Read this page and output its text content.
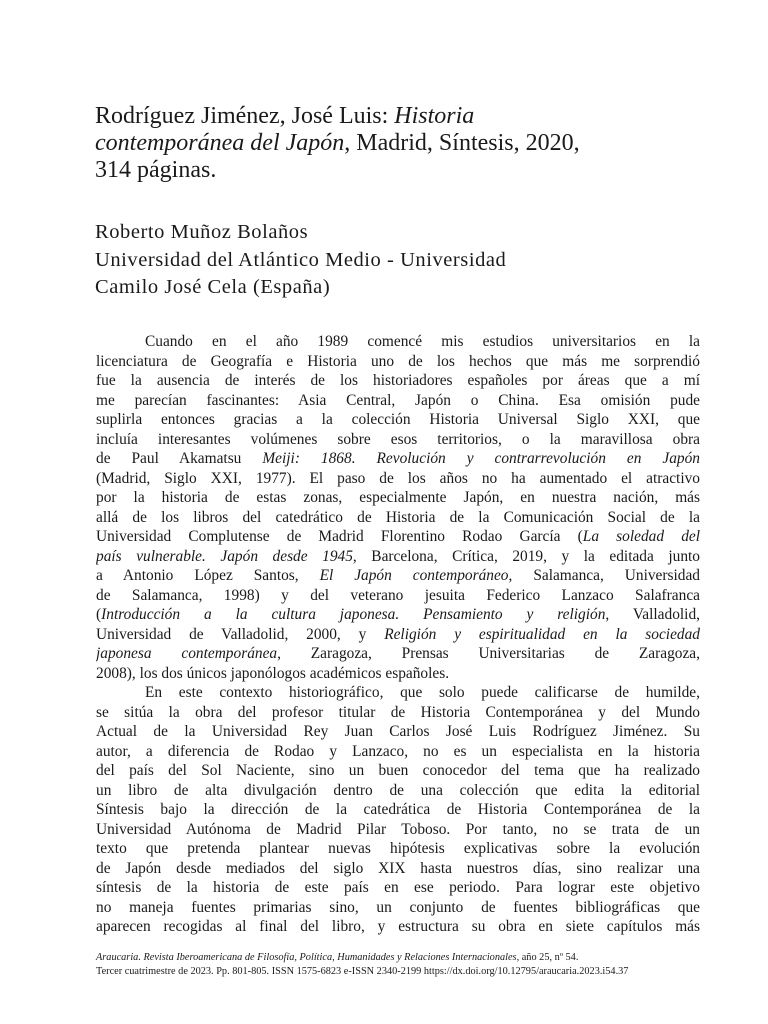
Rodríguez Jiménez, José Luis: Historia
contemporánea del Japón, Madrid, Síntesis, 2020,
314 páginas.
Roberto Muñoz Bolaños
Universidad del Atlántico Medio - Universidad
Camilo José Cela (España)
Cuando en el año 1989 comencé mis estudios universitarios en la
licenciatura de Geografía e Historia uno de los hechos que más me sorprendió
fue la ausencia de interés de los historiadores españoles por áreas que a mí
me parecían fascinantes: Asia Central, Japón o China. Esa omisión pude
suplirla entonces gracias a la colección Historia Universal Siglo XXI, que
incluía interesantes volúmenes sobre esos territorios, o la maravillosa obra
de Paul Akamatsu Meiji: 1868. Revolución y contrarrevolución en Japón
(Madrid, Siglo XXI, 1977). El paso de los años no ha aumentado el atractivo
por la historia de estas zonas, especialmente Japón, en nuestra nación, más
allá de los libros del catedrático de Historia de la Comunicación Social de la
Universidad Complutense de Madrid Florentino Rodao García (La soledad del
país vulnerable. Japón desde 1945, Barcelona, Crítica, 2019, y la editada junto
a Antonio López Santos, El Japón contemporáneo, Salamanca, Universidad
de Salamanca, 1998) y del veterano jesuita Federico Lanzaco Salafranca
(Introducción a la cultura japonesa. Pensamiento y religión, Valladolid,
Universidad de Valladolid, 2000, y Religión y espiritualidad en la sociedad
japonesa contemporánea, Zaragoza, Prensas Universitarias de Zaragoza,
2008), los dos únicos japonólogos académicos españoles.
En este contexto historiográfico, que solo puede calificarse de humilde,
se sitúa la obra del profesor titular de Historia Contemporánea y del Mundo
Actual de la Universidad Rey Juan Carlos José Luis Rodríguez Jiménez. Su
autor, a diferencia de Rodao y Lanzaco, no es un especialista en la historia
del país del Sol Naciente, sino un buen conocedor del tema que ha realizado
un libro de alta divulgación dentro de una colección que edita la editorial
Síntesis bajo la dirección de la catedrática de Historia Contemporánea de la
Universidad Autónoma de Madrid Pilar Toboso. Por tanto, no se trata de un
texto que pretenda plantear nuevas hipótesis explicativas sobre la evolución
de Japón desde mediados del siglo XIX hasta nuestros días, sino realizar una
síntesis de la historia de este país en ese periodo. Para lograr este objetivo
no maneja fuentes primarias sino, un conjunto de fuentes bibliográficas que
aparecen recogidas al final del libro, y estructura su obra en siete capítulos más
Araucaria. Revista Iberoamericana de Filosofía, Política, Humanidades y Relaciones Internacionales, año 25, nº 54.
Tercer cuatrimestre de 2023. Pp. 801-805. ISSN 1575-6823 e-ISSN 2340-2199 https://dx.doi.org/10.12795/araucaria.2023.i54.37
